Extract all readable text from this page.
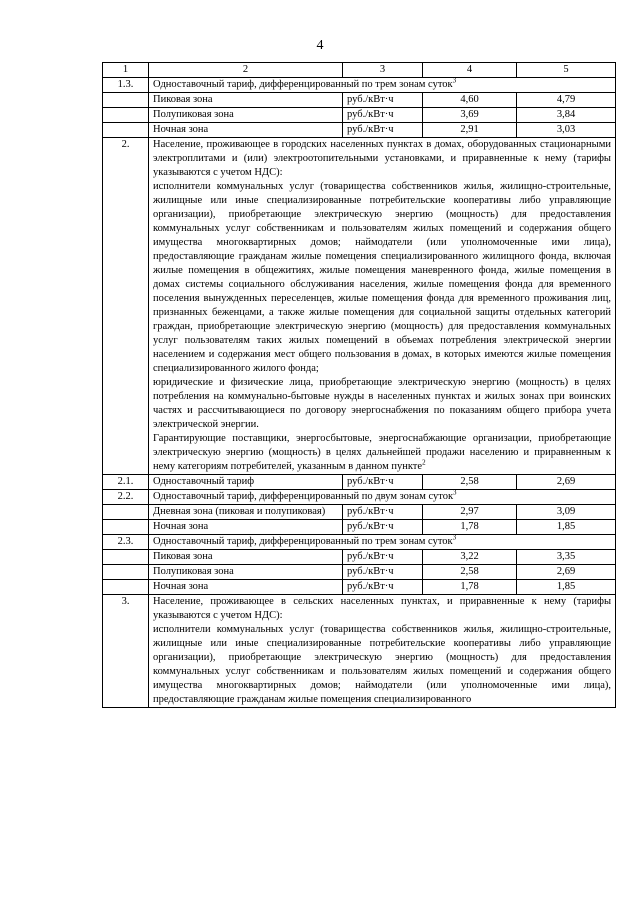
4
1	2	3	4	5
1.3.	Одноставочный тариф, дифференцированный по трем зонам суток$^3$
	Пиковая зона	руб./кВт·ч	4,60	4,79
	Полупиковая зона	руб./кВт·ч	3,69	3,84
	Ночная зона	руб./кВт·ч	2,91	3,03
2.	Население, проживающее в городских населенных пунктах в домах, оборудованных стационарными электроплитами и (или) электроотопительными установками, и приравненные к нему (тарифы указываются с учетом НДС):
исполнители коммунальных услуг (товарищества собственников жилья, жилищно-строительные, жилищные или иные специализированные потребительские кооперативы либо управляющие организации), приобретающие электрическую энергию (мощность) для предоставления коммунальных услуг собственникам и пользователям жилых помещений и содержания общего имущества многоквартирных домов; наймодатели (или уполномоченные ими лица), предоставляющие гражданам жилые помещения специализированного жилищного фонда, включая жилые помещения в общежитиях, жилые помещения маневренного фонда, жилые помещения в домах системы социального обслуживания населения, жилые помещения фонда для временного поселения вынужденных переселенцев, жилые помещения фонда для временного проживания лиц, признанных беженцами, а также жилые помещения для социальной защиты отдельных категорий граждан, приобретающие электрическую энергию (мощность) для предоставления коммунальных услуг пользователям таких жилых помещений в объемах потребления электрической энергии населением и содержания мест общего пользования в домах, в которых имеются жилые помещения специализированного жилого фонда;
юридические и физические лица, приобретающие электрическую энергию (мощность) в целях потребления на коммунально-бытовые нужды в населенных пунктах и жилых зонах при воинских частях и рассчитывающиеся по договору энергоснабжения по показаниям общего прибора учета электрической энергии.
Гарантирующие поставщики, энергосбытовые, энергоснабжающие организации, приобретающие электрическую энергию (мощность) в целях дальнейшей продажи населению и приравненным к нему категориям потребителей, указанным в данном пункте$^2$

2.1.	Одноставочный тариф	руб./кВт·ч	2,58	2,69
2.2.	Одноставочный тариф, дифференцированный по двум зонам суток$^3$
	Дневная зона (пиковая и полупиковая)	руб./кВт·ч	2,97	3,09
	Ночная зона	руб./кВт·ч	1,78	1,85
2.3.	Одноставочный тариф, дифференцированный по трем зонам суток$^3$
	Пиковая зона	руб./кВт·ч	3,22	3,35
	Полупиковая зона	руб./кВт·ч	2,58	2,69
	Ночная зона	руб./кВт·ч	1,78	1,85
3.	Население, проживающее в сельских населенных пунктах, и приравненные к нему (тарифы указываются с учетом НДС):
исполнители коммунальных услуг (товарищества собственников жилья, жилищно-строительные, жилищные или иные специализированные потребительские кооперативы либо управляющие организации), приобретающие электрическую энергию (мощность) для предоставления коммунальных услуг собственникам и пользователям жилых помещений и содержания общего имущества многоквартирных домов; наймодатели (или уполномоченные ими лица), предоставляющие гражданам жилые помещения специализированного			
